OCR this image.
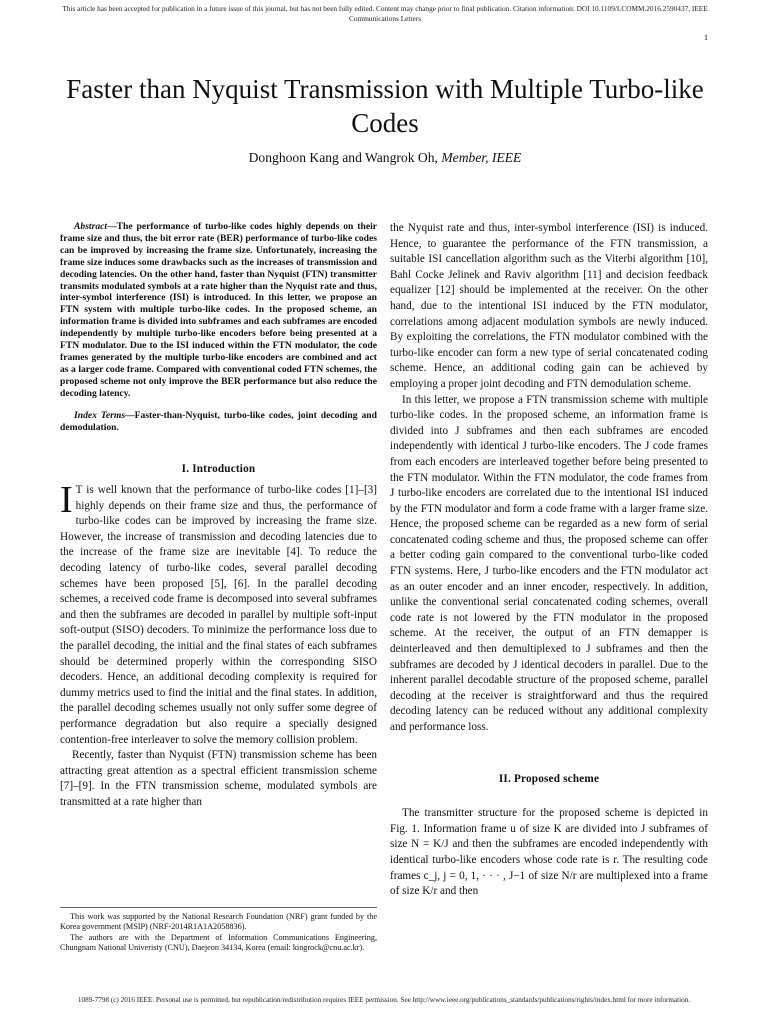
This article has been accepted for publication in a future issue of this journal, but has not been fully edited. Content may change prior to final publication. Citation information: DOI 10.1109/LCOMM.2016.2590437, IEEE
Communications Letters
1
Faster than Nyquist Transmission with Multiple Turbo-like Codes
Donghoon Kang and Wangrok Oh, Member, IEEE

Abstract—The performance of turbo-like codes highly depends on their frame size and thus, the bit error rate (BER) performance of turbo-like codes can be improved by increasing the frame size. Unfortunately, increasing the frame size induces some drawbacks such as the increases of transmission and decoding latencies. On the other hand, faster than Nyquist (FTN) transmitter transmits modulated symbols at a rate higher than the Nyquist rate and thus, inter-symbol interference (ISI) is introduced. In this letter, we propose an FTN system with multiple turbo-like codes. In the proposed scheme, an information frame is divided into subframes and each subframes are encoded independently by multiple turbo-like encoders before being presented at a FTN modulator. Due to the ISI induced within the FTN modulator, the code frames generated by the multiple turbo-like encoders are combined and act as a larger code frame. Compared with conventional coded FTN schemes, the proposed scheme not only improve the BER performance but also reduce the decoding latency.

Index Terms—Faster-than-Nyquist, turbo-like codes, joint decoding and demodulation.

I. Introduction

I T is well known that the performance of turbo-like codes [1]–[3] highly depends on their frame size and thus, the performance of turbo-like codes can be improved by increasing the frame size. However, the increase of transmission and decoding latencies due to the increase of the frame size are inevitable [4]. To reduce the decoding latency of turbo-like codes, several parallel decoding schemes have been proposed [5], [6]. In the parallel decoding schemes, a received code frame is decomposed into several subframes and then the subframes are decoded in parallel by multiple soft-input soft-output (SISO) decoders. To minimize the performance loss due to the parallel decoding, the initial and the final states of each subframes should be determined properly within the corresponding SISO decoders. Hence, an additional decoding complexity is required for dummy metrics used to find the initial and the final states. In addition, the parallel decoding schemes usually not only suffer some degree of performance degradation but also require a specially designed contention-free interleaver to solve the memory collision problem.

Recently, faster than Nyquist (FTN) transmission scheme has been attracting great attention as a spectral efficient transmission scheme [7]–[9]. In the FTN transmission scheme, modulated symbols are transmitted at a rate higher than

This work was supported by the National Research Foundation (NRF) grant funded by the Korea government (MSIP) (NRF-2014R1A1A2058836).

The authors are with the Department of Information Communications Engineering, Chungnam National Univeristy (CNU), Daejeon 34134, Korea (email: kingrock@cnu.ac.kr).

the Nyquist rate and thus, inter-symbol interference (ISI) is induced. Hence, to guarantee the performance of the FTN transmission, a suitable ISI cancellation algorithm such as the Viterbi algorithm [10], Bahl Cocke Jelinek and Raviv algorithm [11] and decision feedback equalizer [12] should be implemented at the receiver. On the other hand, due to the intentional ISI induced by the FTN modulator, correlations among adjacent modulation symbols are newly induced. By exploiting the correlations, the FTN modulator combined with the turbo-like encoder can form a new type of serial concatenated coding scheme. Hence, an additional coding gain can be achieved by employing a proper joint decoding and FTN demodulation scheme.

In this letter, we propose a FTN transmission scheme with multiple turbo-like codes. In the proposed scheme, an information frame is divided into J subframes and then each subframes are encoded independently with identical J turbo-like encoders. The J code frames from each encoders are interleaved together before being presented to the FTN modulator. Within the FTN modulator, the code frames from J turbo-like encoders are correlated due to the intentional ISI induced by the FTN modulator and form a code frame with a larger frame size. Hence, the proposed scheme can be regarded as a new form of serial concatenated coding scheme and thus, the proposed scheme can offer a better coding gain compared to the conventional turbo-like coded FTN systems. Here, J turbo-like encoders and the FTN modulator act as an outer encoder and an inner encoder, respectively. In addition, unlike the conventional serial concatenated coding schemes, overall code rate is not lowered by the FTN modulator in the proposed scheme. At the receiver, the output of an FTN demapper is deinterleaved and then demultiplexed to J subframes and then the subframes are decoded by J identical decoders in parallel. Due to the inherent parallel decodable structure of the proposed scheme, parallel decoding at the receiver is straightforward and thus the required decoding latency can be reduced without any additional complexity and performance loss.

II. Proposed scheme

The transmitter structure for the proposed scheme is depicted in Fig. 1. Information frame u of size K are divided into J subframes of size N = K/J and then the subframes are encoded independently with identical turbo-like encoders whose code rate is r. The resulting code frames c_j, j = 0, 1, · · · , J−1 of size N/r are multiplexed into a frame of size K/r and then

1089-7798 (c) 2016 IEEE. Personal use is permitted, but republication/redistribution requires IEEE permission. See http://www.ieee.org/publications_standards/publications/rights/index.html for more information.
